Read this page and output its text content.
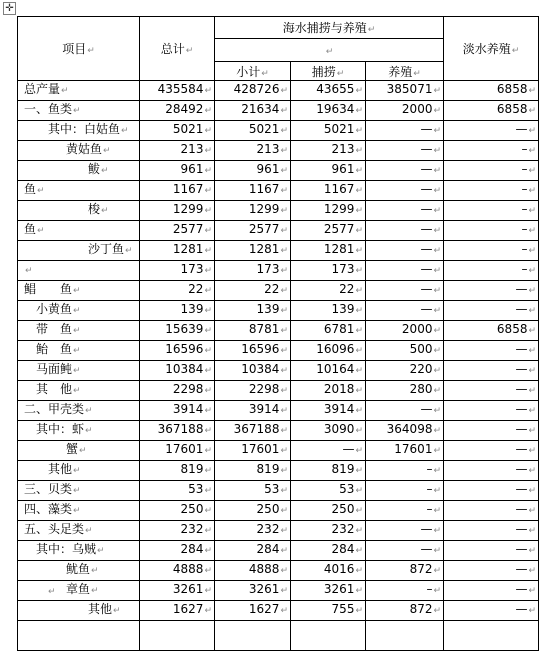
✛
项目↵	总计↵	海水捕捞与养殖↵			淡水养殖↵
		↵			
		小计↵	捕捞↵	养殖↵	
总产量↵	435584↵	428726↵	43655↵	385071↵	6858↵
一、鱼类↵	28492↵	21634↵	19634↵	2000↵	6858↵
其中：白姑鱼↵	5021↵	5021↵	5021↵	—↵	—↵
黄姑鱼↵	213↵	213↵	213↵	—↵	–↵
鲅↵	961↵	961↵	961↵	—↵	–↵
鱼↵	1167↵	1167↵	1167↵	—↵	–↵
梭↵	1299↵	1299↵	1299↵	—↵	–↵
鱼↵	2577↵	2577↵	2577↵	—↵	–↵
沙丁鱼↵	1281↵	1281↵	1281↵	—↵	–↵
↵	173↵	173↵	173↵	—↵	–↵
鲳　　鱼↵	22↵	22↵	22↵	—↵	—↵
小黄鱼↵	139↵	139↵	139↵	—↵	—↵
带　鱼↵	15639↵	8781↵	6781↵	2000↵	6858↵
鲐　鱼↵	16596↵	16596↵	16096↵	500↵	—↵
马面鲀↵	10384↵	10384↵	10164↵	220↵	—↵
其　他↵	2298↵	2298↵	2018↵	280↵	—↵
二、甲壳类↵	3914↵	3914↵	3914↵	—↵	—↵
其中：虾↵	367188↵	367188↵	3090↵	364098↵	—↵
蟹↵	17601↵	17601↵	—↵	17601↵	—↵
其他↵	819↵	819↵	819↵	–↵	—↵
三、贝类↵	53↵	53↵	53↵	–↵	—↵
四、藻类↵	250↵	250↵	250↵	–↵	—↵
五、头足类↵	232↵	232↵	232↵	—↵	—↵
其中：乌贼↵	284↵	284↵	284↵	—↵	—↵
鱿鱼↵	4888↵	4888↵	4016↵	872↵	—↵
章鱼↵	3261↵	3261↵	3261↵	–↵	—↵
其他↵	1627↵	1627↵	755↵	872↵	—↵

↵
